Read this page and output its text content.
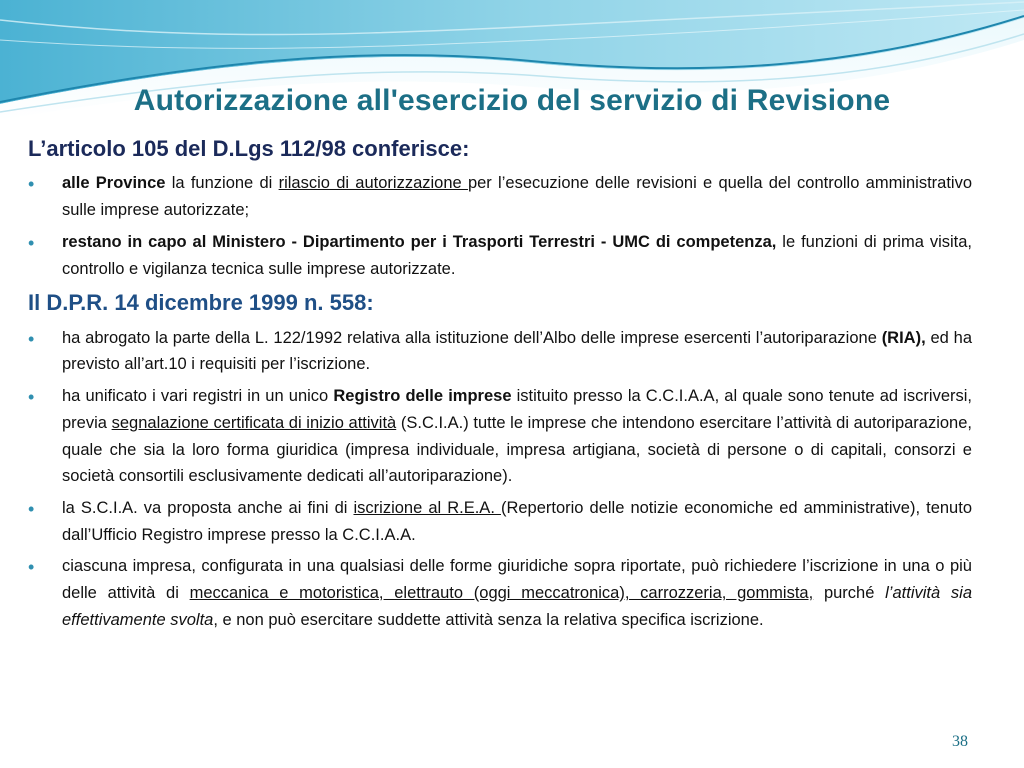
Autorizzazione all'esercizio del servizio di Revisione
L’articolo 105 del D.Lgs 112/98 conferisce:
• alle Province la funzione di rilascio di autorizzazione per l’esecuzione delle revisioni e quella del controllo amministrativo sulle imprese autorizzate;
• restano in capo al Ministero - Dipartimento per i Trasporti Terrestri - UMC di competenza, le funzioni di prima visita, controllo e vigilanza tecnica sulle imprese autorizzate.
Il D.P.R. 14 dicembre 1999 n. 558:
• ha abrogato la parte della L. 122/1992 relativa alla istituzione dell’Albo delle imprese esercenti l’autoriparazione (RIA), ed ha previsto all’art.10 i requisiti per l’iscrizione.
• ha unificato i vari registri in un unico Registro delle imprese istituito presso la C.C.I.A.A, al quale sono tenute ad iscriversi, previa segnalazione certificata di inizio attività (S.C.I.A.) tutte le imprese che intendono esercitare l’attività di autoriparazione, quale che sia la loro forma giuridica (impresa individuale, impresa artigiana, società di persone o di capitali, consorzi e società consortili esclusivamente dedicati all’autoriparazione).
• la S.C.I.A. va proposta anche ai fini di iscrizione al R.E.A. (Repertorio delle notizie economiche ed amministrative), tenuto dall’Ufficio Registro imprese presso la C.C.I.A.A.
• ciascuna impresa, configurata in una qualsiasi delle forme giuridiche sopra riportate, può richiedere l’iscrizione in una o più delle attività di meccanica e motoristica, elettrauto (oggi meccatronica), carrozzeria, gommista, purché l’attività sia effettivamente svolta, e non può esercitare suddette attività senza la relativa specifica iscrizione.
38
